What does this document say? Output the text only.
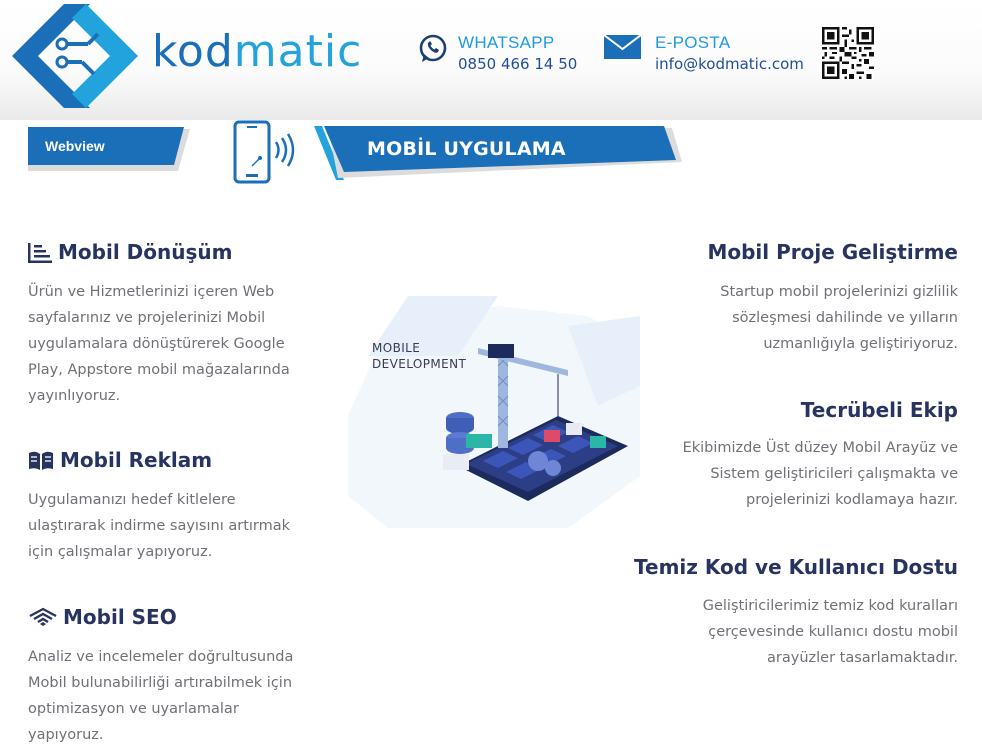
kodmatic	WHATSAPP
0850 466 14 50
E-POSTA
info@kodmatic.com
Webview	MOBİL UYGULAMA
Mobil Dönüşüm
Ürün ve Hizmetlerinizi içeren Web sayfalarınız ve projelerinizi Mobil uygulamalara dönüştürerek Google Play, Appstore mobil mağazalarında yayınlıyoruz.
Mobil Reklam
Uygulamanızı hedef kitlelere ulaştırarak indirme sayısını artırmak için çalışmalar yapıyoruz.
Mobil SEO
Analiz ve incelemeler doğrultusunda Mobil bulunabilirliği artırabilmek için optimizasyon ve uyarlamalar yapıyoruz.
MOBILE
DEVELOPMENT
Mobil Proje Geliştirme
Startup mobil projelerinizi gizlilik sözleşmesi dahilinde ve yılların uzmanlığıyla geliştiriyoruz.
Tecrübeli Ekip
Ekibimizde Üst düzey Mobil Arayüz ve Sistem geliştiricileri çalışmakta ve projelerinizi kodlamaya hazır.
Temiz Kod ve Kullanıcı Dostu
Geliştiricilerimiz temiz kod kuralları çerçevesinde kullanıcı dostu mobil arayüzler tasarlamaktadır.
